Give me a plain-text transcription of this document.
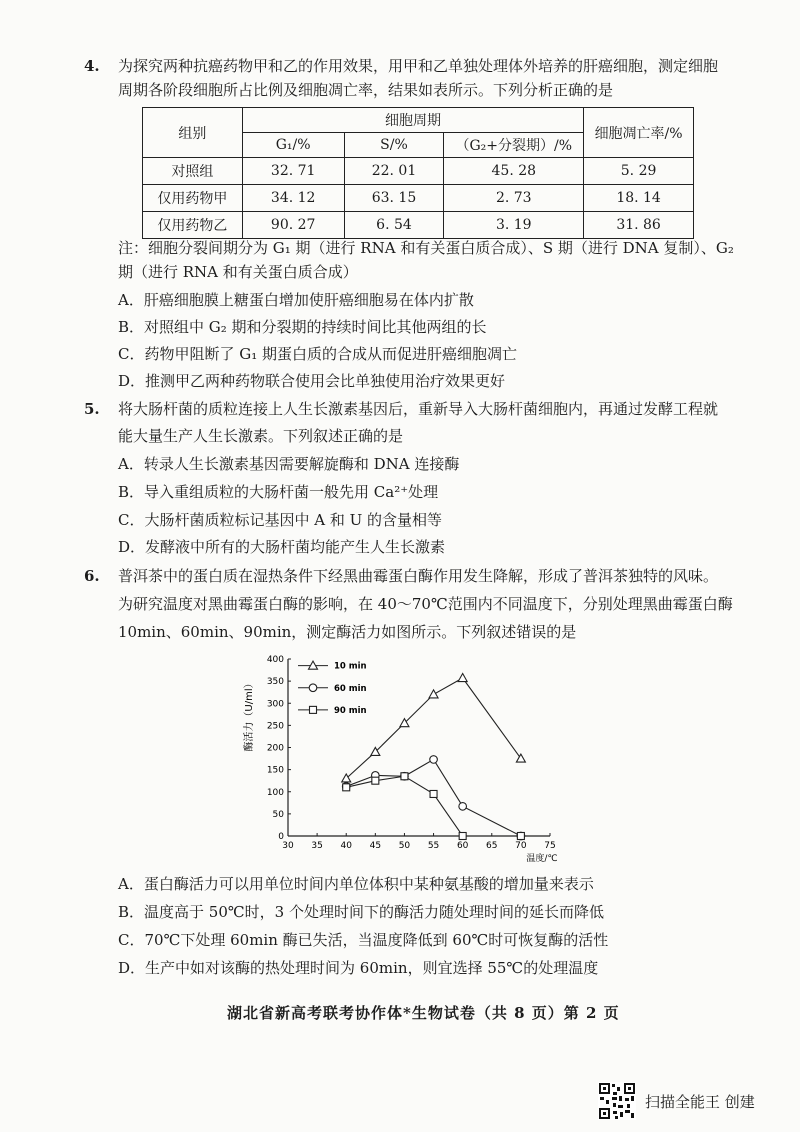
4. 为探究两种抗癌药物甲和乙的作用效果，用甲和乙单独处理体外培养的肝癌细胞，测定细胞
周期各阶段细胞所占比例及细胞凋亡率，结果如表所示。下列分析正确的是
组别	细胞周期			细胞凋亡率/%
	G₁/%	S/%	（G₂+分裂期）/%	
对照组	32. 71	22. 01	45. 28	5. 29
仅用药物甲	34. 12	63. 15	2. 73	18. 14
仅用药物乙	90. 27	6. 54	3. 19	31. 86
注：细胞分裂间期分为 G₁ 期（进行 RNA 和有关蛋白质合成）、S 期（进行 DNA 复制）、G₂
期（进行 RNA 和有关蛋白质合成）
A．肝癌细胞膜上糖蛋白增加使肝癌细胞易在体内扩散
B．对照组中 G₂ 期和分裂期的持续时间比其他两组的长
C．药物甲阻断了 G₁ 期蛋白质的合成从而促进肝癌细胞凋亡
D．推测甲乙两种药物联合使用会比单独使用治疗效果更好
5. 将大肠杆菌的质粒连接上人生长激素基因后，重新导入大肠杆菌细胞内，再通过发酵工程就
能大量生产人生长激素。下列叙述正确的是
A．转录人生长激素基因需要解旋酶和 DNA 连接酶
B．导入重组质粒的大肠杆菌一般先用 Ca²⁺处理
C．大肠杆菌质粒标记基因中 A 和 U 的含量相等
D．发酵液中所有的大肠杆菌均能产生人生长激素
6. 普洱茶中的蛋白质在湿热条件下经黑曲霉蛋白酶作用发生降解，形成了普洱茶独特的风味。
为研究温度对黑曲霉蛋白酶的影响，在 40～70℃范围内不同温度下，分别处理黑曲霉蛋白酶
10min、60min、90min，测定酶活力如图所示。下列叙述错误的是
0
50
100
150
200
250
300
350
400
30 35 40 45 50 55 60 65 70 75
10 min
60 min
90 min
酶活力（U/ml）
温度/℃
A．蛋白酶活力可以用单位时间内单位体积中某种氨基酸的增加量来表示
B．温度高于 50℃时，3 个处理时间下的酶活力随处理时间的延长而降低
C．70℃下处理 60min 酶已失活，当温度降低到 60℃时可恢复酶的活性
D．生产中如对该酶的热处理时间为 60min，则宜选择 55℃的处理温度
湖北省新高考联考协作体*生物试卷（共 8 页）第 2 页
扫描全能王 创建
